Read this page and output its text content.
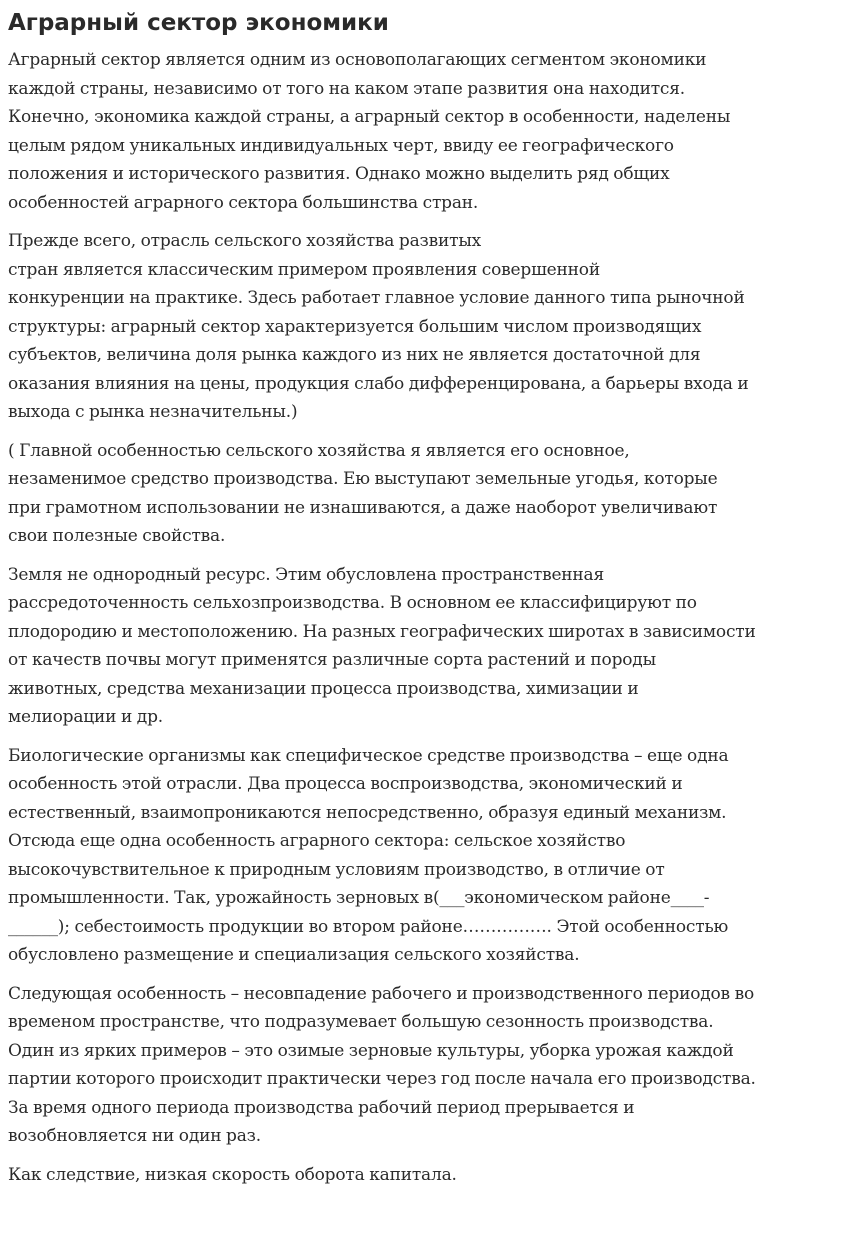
Аграрный сектор экономики

Аграрный сектор является одним из основополагающих сегментом экономики
каждой страны, независимо от того на каком этапе развития она находится.
Конечно, экономика каждой страны, а аграрный сектор в особенности, наделены
целым рядом уникальных индивидуальных черт, ввиду ее географического
положения и исторического развития. Однако можно выделить ряд общих
особенностей аграрного сектора большинства стран.

Прежде всего, отрасль сельского хозяйства развитых
стран является классическим примером проявления совершенной
конкуренции на практике. Здесь работает главное условие данного типа рыночной
структуры: аграрный сектор характеризуется большим числом производящих
субъектов, величина доля рынка каждого из них не является достаточной для
оказания влияния на цены, продукция слабо дифференцирована, а барьеры входа и
выхода с рынка незначительны.)

( Главной особенностью сельского хозяйства я является его основное,
незаменимое средство производства. Ею выступают земельные угодья, которые
при грамотном использовании не изнашиваются, а даже наоборот увеличивают
свои полезные свойства.

Земля не однородный ресурс. Этим обусловлена пространственная
рассредоточенность сельхозпроизводства. В основном ее классифицируют по
плодородию и местоположению. На разных географических широтах в зависимости
от качеств почвы могут применятся различные сорта растений и породы
животных, средства механизации процесса производства, химизации и
мелиорации и др.

Биологические организмы как специфическое средстве производства – еще одна
особенность этой отрасли. Два процесса воспроизводства, экономический и
естественный, взаимопроникаются непосредственно, образуя единый механизм.
Отсюда еще одна особенность аграрного сектора: сельское хозяйство
высокочувствительное к природным условиям производство, в отличие от
промышленности. Так, урожайность зерновых в(___экономическом районе____-
______); себестоимость продукции во втором районе……………. Этой особенностью
обусловлено размещение и специализация сельского хозяйства.

Следующая особенность – несовпадение рабочего и производственного периодов во
временом пространстве, что подразумевает большую сезонность производства.
Один из ярких примеров – это озимые зерновые культуры, уборка урожая каждой
партии которого происходит практически через год после начала его производства.
За время одного периода производства рабочий период прерывается и
возобновляется ни один раз.

Как следствие, низкая скорость оборота капитала.
